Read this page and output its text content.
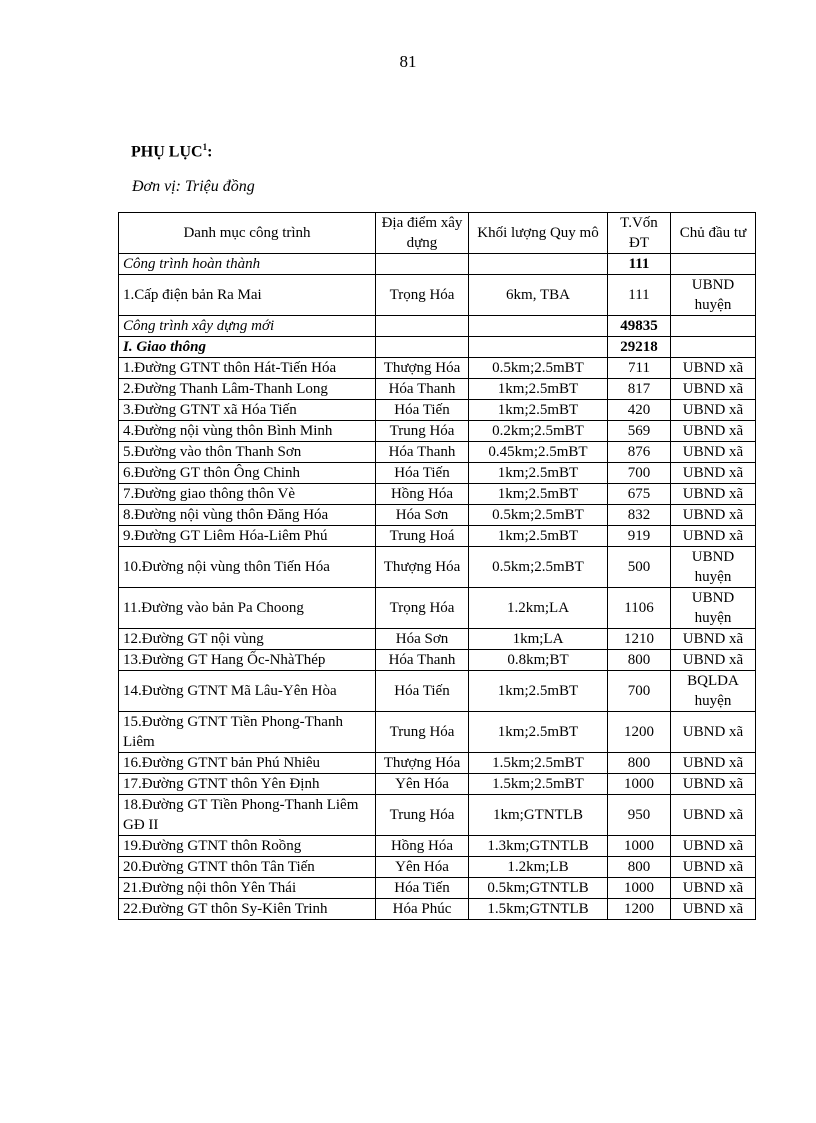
81
PHỤ LỤC$^1$:
Đơn vị: Triệu đồng
Danh mục công trình	Địa điểm xây dựng	Khối lượng Quy mô	T.Vốn ĐT	Chủ đầu tư
Công trình hoàn thành			111	
1.Cấp điện bản Ra Mai	Trọng Hóa	6km, TBA	111	UBND huyện
Công trình xây dựng mới			49835	
I. Giao thông			29218	
1.Đường GTNT thôn Hát-Tiến Hóa	Thượng Hóa	0.5km;2.5mBT	711	UBND xã
2.Đường Thanh Lâm-Thanh Long	Hóa Thanh	1km;2.5mBT	817	UBND xã
3.Đường GTNT xã Hóa Tiến	Hóa Tiến	1km;2.5mBT	420	UBND xã
4.Đường nội vùng thôn Bình Minh	Trung Hóa	0.2km;2.5mBT	569	UBND xã
5.Đường vào thôn Thanh Sơn	Hóa Thanh	0.45km;2.5mBT	876	UBND xã
6.Đường GT thôn Ông Chinh	Hóa Tiến	1km;2.5mBT	700	UBND xã
7.Đường giao thông thôn Vè	Hồng Hóa	1km;2.5mBT	675	UBND xã
8.Đường nội vùng thôn Đăng Hóa	Hóa Sơn	0.5km;2.5mBT	832	UBND xã
9.Đường GT Liêm Hóa-Liêm Phú	Trung Hoá	1km;2.5mBT	919	UBND xã
10.Đường nội vùng thôn Tiến Hóa	Thượng Hóa	0.5km;2.5mBT	500	UBND huyện
11.Đường vào bản Pa Choong	Trọng Hóa	1.2km;LA	1106	UBND huyện
12.Đường GT nội vùng	Hóa Sơn	1km;LA	1210	UBND xã
13.Đường GT Hang Ốc-NhàThép	Hóa Thanh	0.8km;BT	800	UBND xã
14.Đường GTNT Mã Lâu-Yên Hòa	Hóa Tiến	1km;2.5mBT	700	BQLDA huyện
15.Đường GTNT Tiền Phong-Thanh Liêm	Trung Hóa	1km;2.5mBT	1200	UBND xã
16.Đường GTNT bản Phú Nhiêu	Thượng Hóa	1.5km;2.5mBT	800	UBND xã
17.Đường GTNT thôn Yên Định	Yên Hóa	1.5km;2.5mBT	1000	UBND xã
18.Đường GT Tiền Phong-Thanh Liêm GĐ II	Trung Hóa	1km;GTNTLB	950	UBND xã
19.Đường GTNT thôn Roồng	Hồng Hóa	1.3km;GTNTLB	1000	UBND xã
20.Đường GTNT thôn Tân Tiến	Yên Hóa	1.2km;LB	800	UBND xã
21.Đường nội thôn Yên Thái	Hóa Tiến	0.5km;GTNTLB	1000	UBND xã
22.Đường GT thôn Sy-Kiên Trinh	Hóa Phúc	1.5km;GTNTLB	1200	UBND xã
